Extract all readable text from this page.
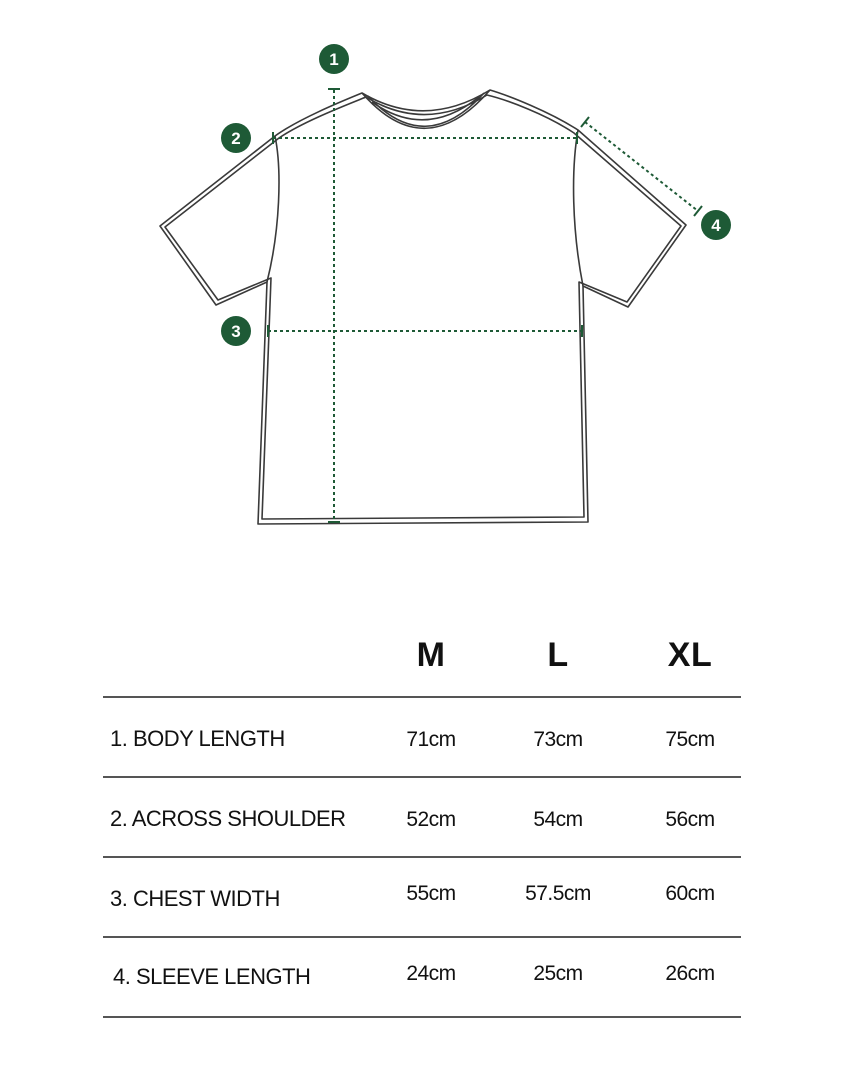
1
2
3
4
M	L	XL
1. BODY LENGTH	71cm	73cm	75cm
2. ACROSS SHOULDER	52cm	54cm	56cm
3. CHEST WIDTH	55cm	57.5cm	60cm
4. SLEEVE LENGTH	24cm	25cm	26cm
